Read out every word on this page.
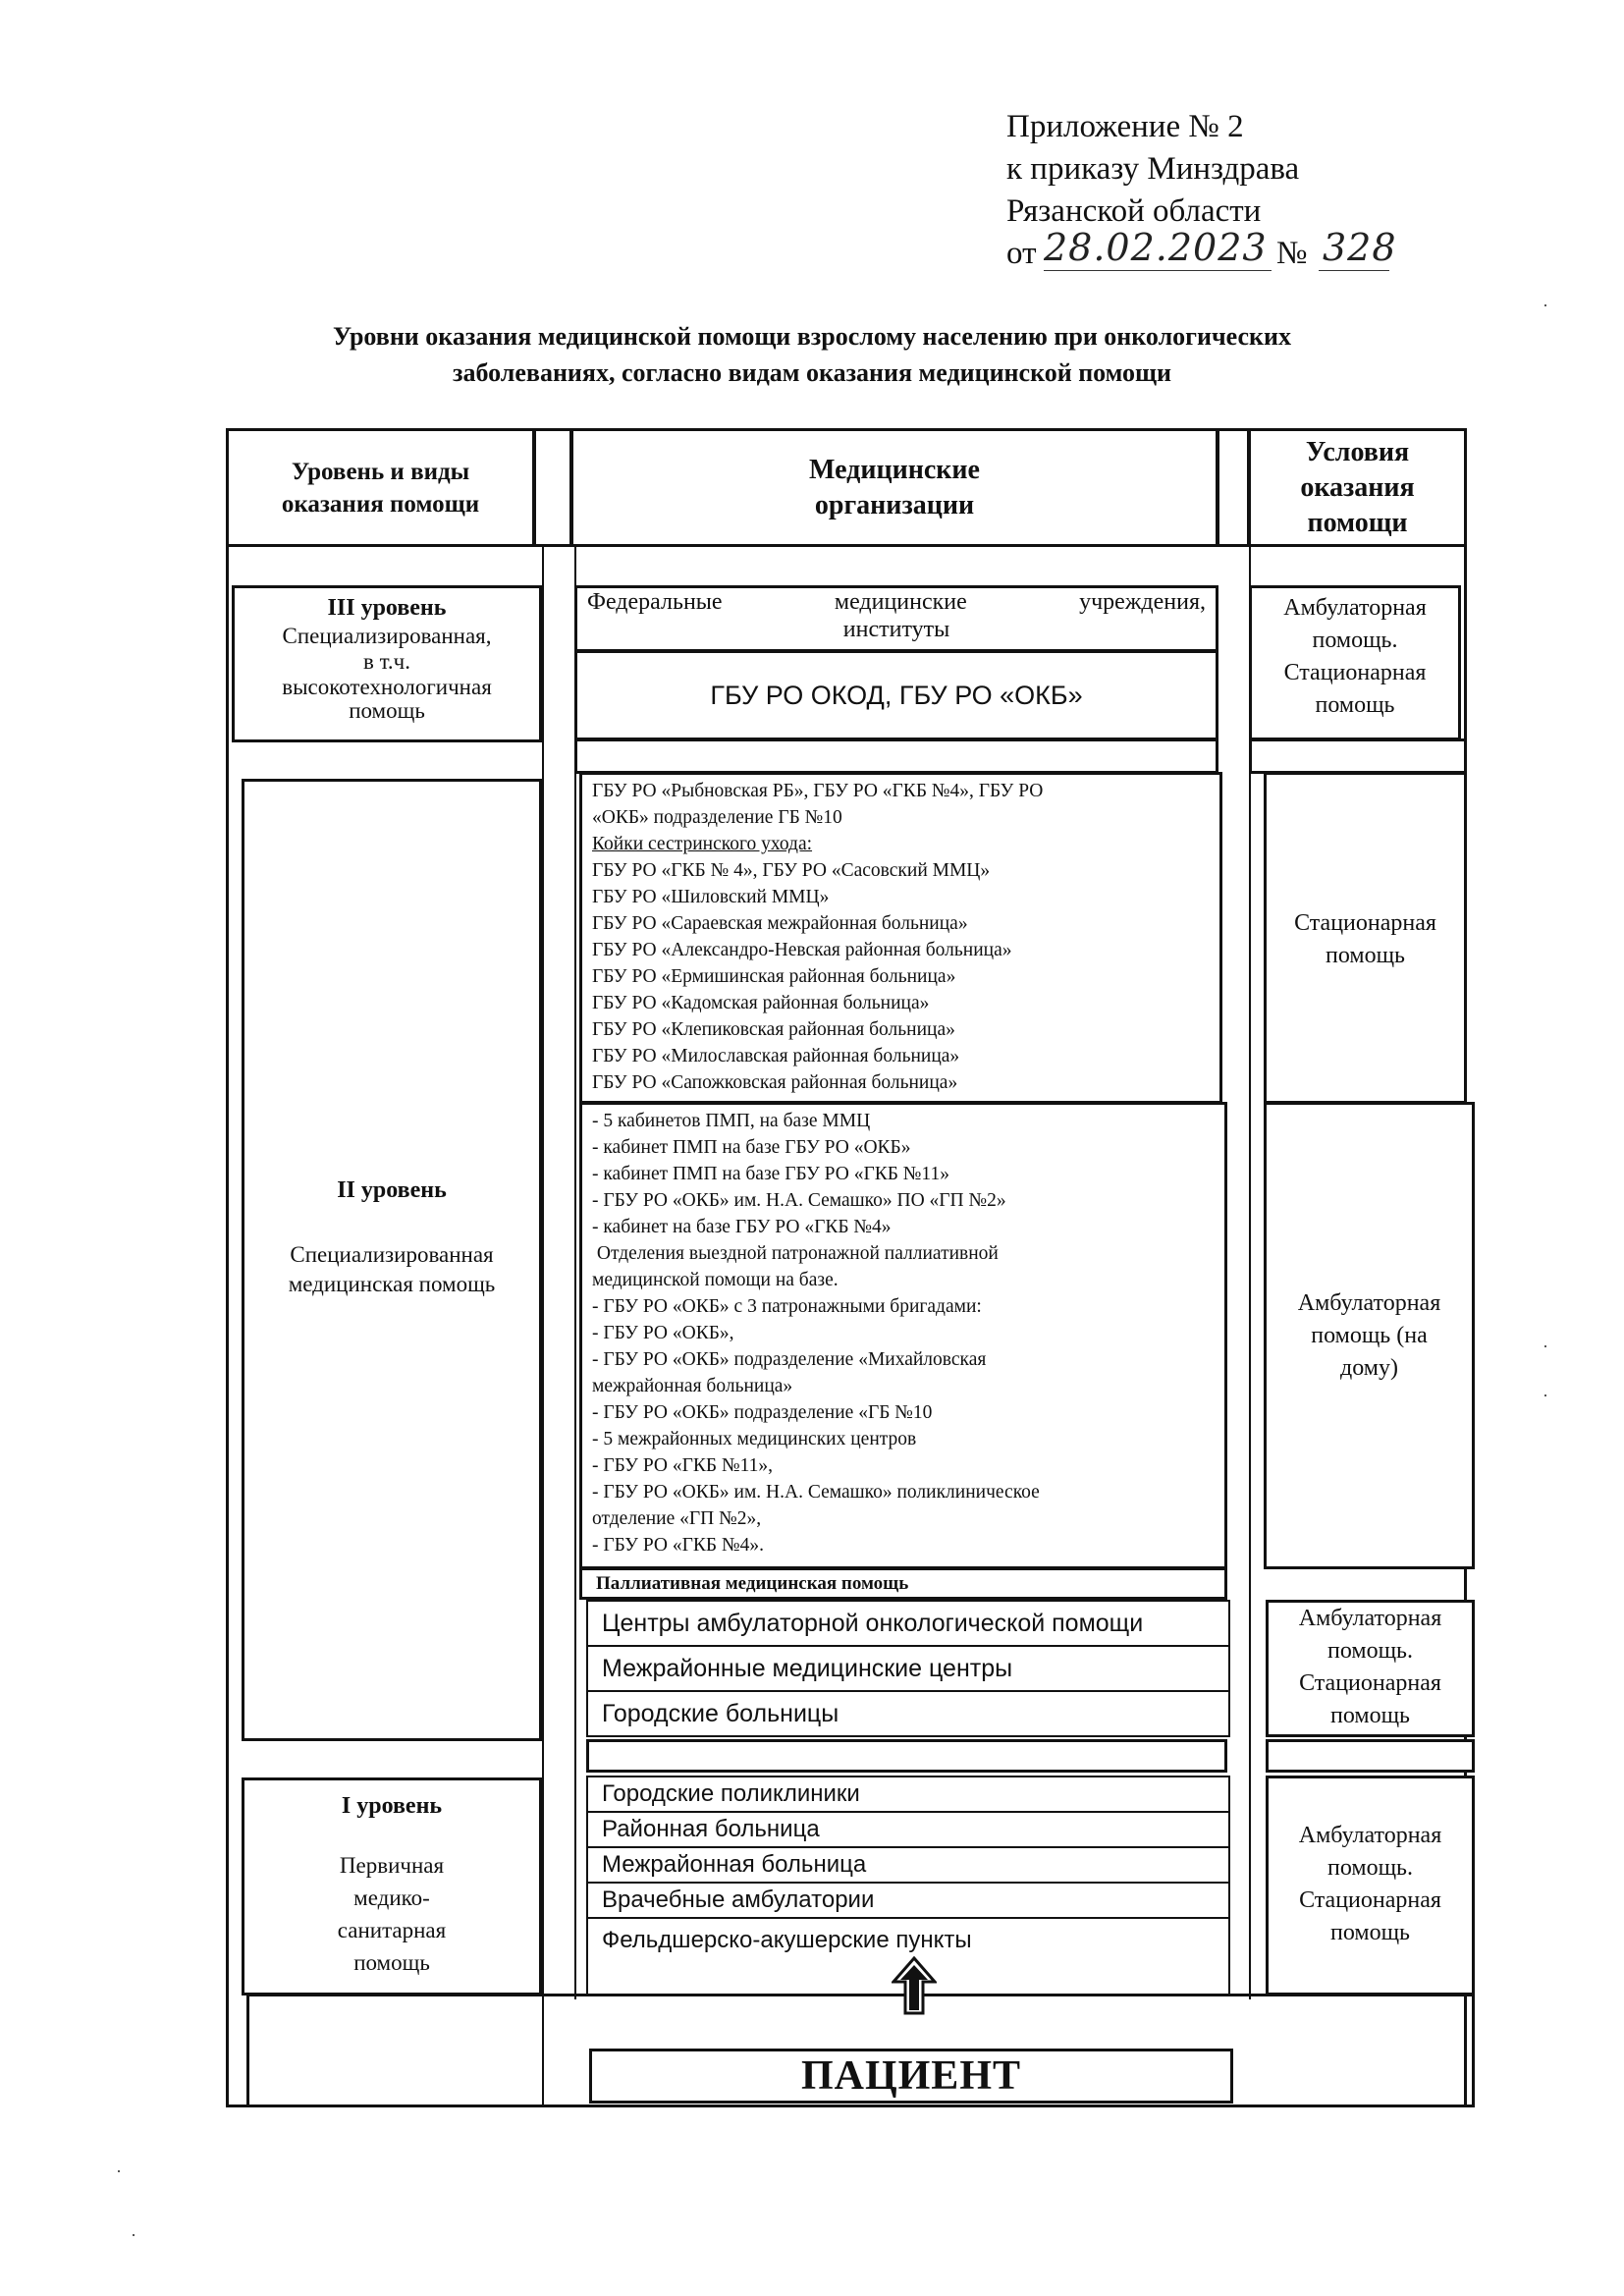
Приложение № 2
к приказу Минздрава
Рязанской области
от 28.02.2023 № 328
Уровни оказания медицинской помощи взрослому населению при онкологических
заболеваниях, согласно видам оказания медицинской помощи
Уровень и виды оказания помощи
Медицинские
организации
Условия
оказания
помощи
III уровень
Специализированная,
в т.ч.
высокотехнологичная
помощь
Федеральные	медицинские	учреждения,
институты
ГБУ РО ОКОД, ГБУ РО «ОКБ»
Амбулаторная
помощь.
Стационарная
помощь
II уровень
Специализированная
медицинская помощь
ГБУ РО «Рыбновская РБ», ГБУ РО «ГКБ №4», ГБУ РО
«ОКБ» подразделение ГБ №10
Койки сестринского ухода:
ГБУ РО «ГКБ № 4», ГБУ РО «Сасовский ММЦ»
ГБУ РО «Шиловский ММЦ»
ГБУ РО «Сараевская межрайонная больница»
ГБУ РО «Александро-Невская районная больница»
ГБУ РО «Ермишинская районная больница»
ГБУ РО «Кадомская районная больница»
ГБУ РО «Клепиковская районная больница»
ГБУ РО «Милославская районная больница»
ГБУ РО «Сапожковская районная больница»
Стационарная
помощь
- 5 кабинетов ПМП, на базе ММЦ
- кабинет ПМП на базе ГБУ РО «ОКБ»
- кабинет ПМП на базе ГБУ РО «ГКБ №11»
- ГБУ РО «ОКБ» им. Н.А. Семашко» ПО «ГП №2»
- кабинет на базе ГБУ РО «ГКБ №4»
Отделения выездной патронажной паллиативной
медицинской помощи на базе.
- ГБУ РО «ОКБ» с 3 патронажными бригадами:
- ГБУ РО «ОКБ»,
- ГБУ РО «ОКБ» подразделение «Михайловская
межрайонная больница»
- ГБУ РО «ОКБ» подразделение «ГБ №10
- 5 межрайонных медицинских центров
- ГБУ РО «ГКБ №11»,
- ГБУ РО «ОКБ» им. Н.А. Семашко» поликлиническое
отделение «ГП №2»,
- ГБУ РО «ГКБ №4».
Амбулаторная
помощь (на
дому)
Паллиативная медицинская помощь
Центры амбулаторной онкологической помощи
Межрайонные медицинские центры
Городские больницы
Амбулаторная
помощь.
Стационарная
помощь
I уровень
Первичная
медико-
санитарная
помощь
Городские поликлиники
Районная больница
Межрайонная больница
Врачебные амбулатории
Фельдшерско-акушерские пункты
Амбулаторная
помощь.
Стационарная
помощь
ПАЦИЕНТ
